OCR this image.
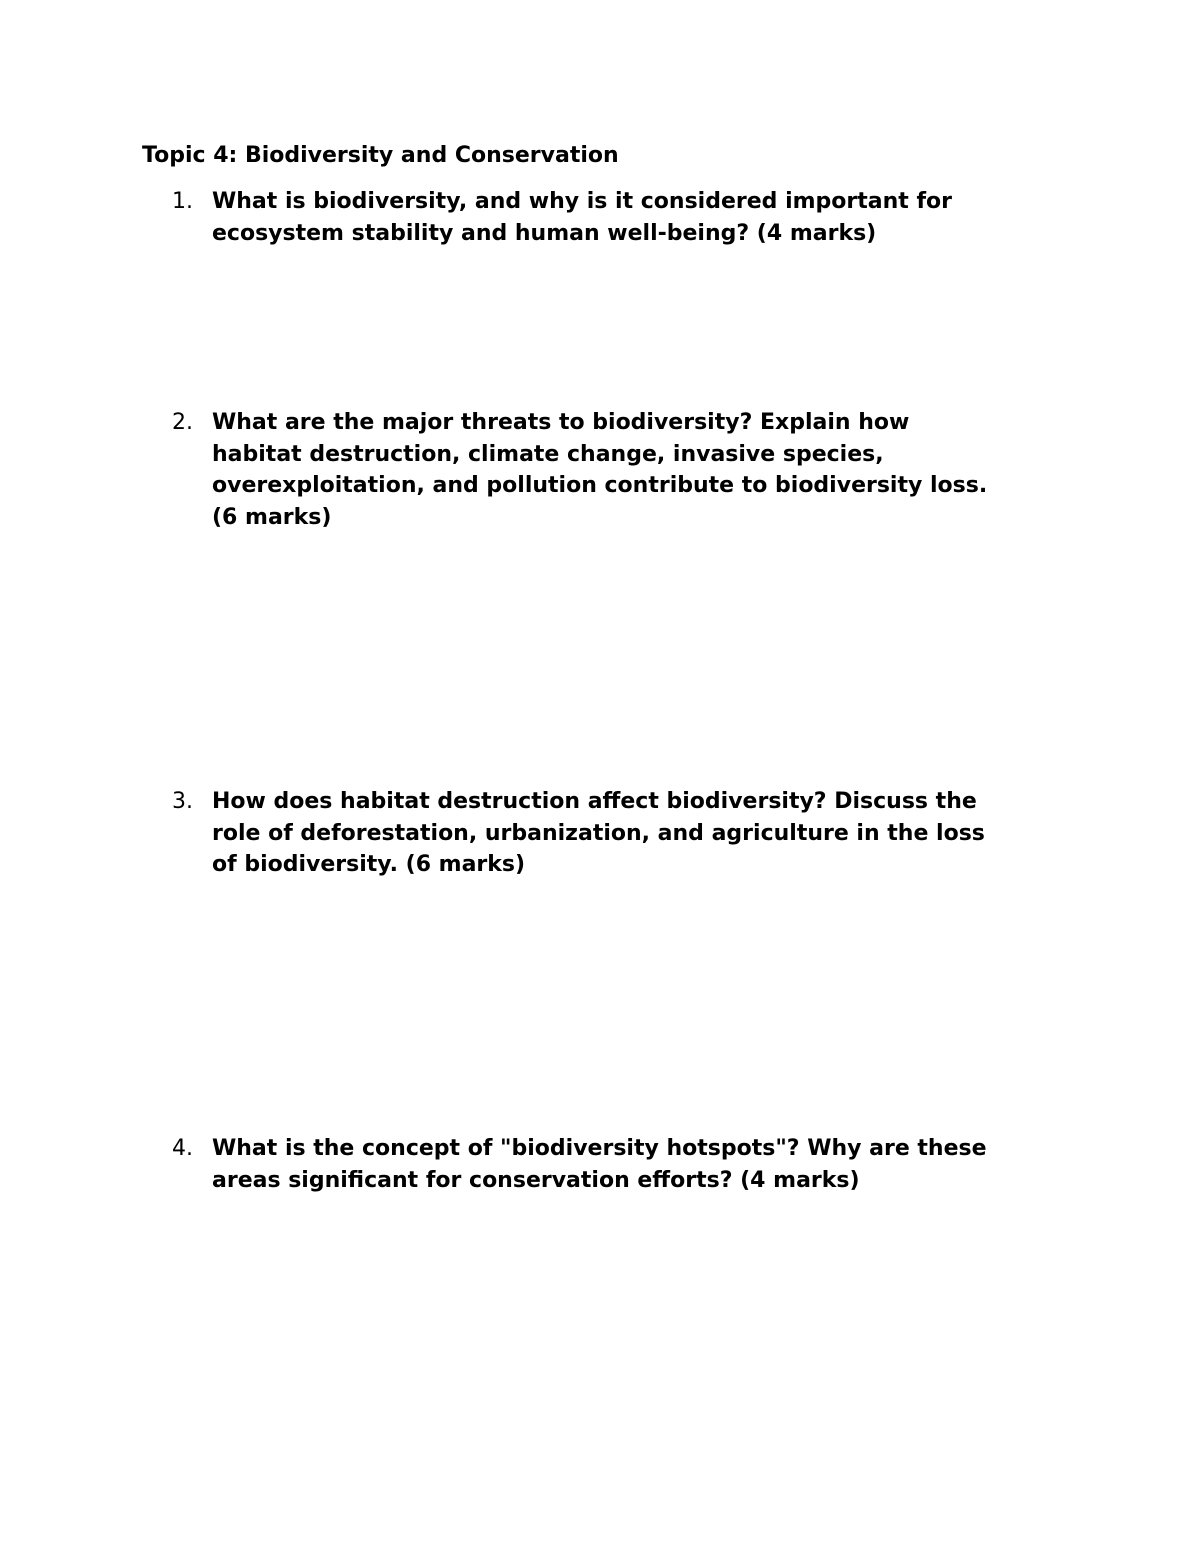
Topic 4: Biodiversity and Conservation
1. What is biodiversity, and why is it considered important for
ecosystem stability and human well-being? (4 marks)
2. What are the major threats to biodiversity? Explain how
habitat destruction, climate change, invasive species,
overexploitation, and pollution contribute to biodiversity loss.
(6 marks)
3. How does habitat destruction affect biodiversity? Discuss the
role of deforestation, urbanization, and agriculture in the loss
of biodiversity. (6 marks)
4. What is the concept of "biodiversity hotspots"? Why are these
areas significant for conservation efforts? (4 marks)
